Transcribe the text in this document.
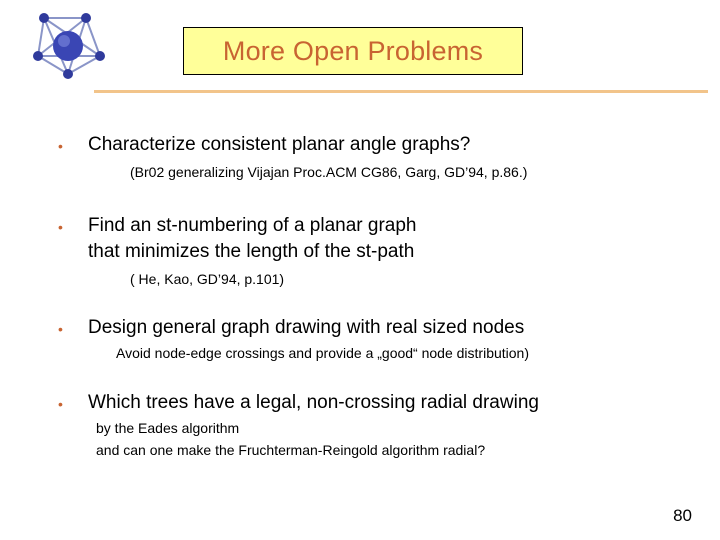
More Open Problems
• Characterize consistent planar angle graphs?
(Br02 generalizing Vijajan Proc.ACM CG86, Garg, GD’94, p.86.)
• Find an st-numbering of a planar graph
that minimizes the length of the st-path
( He, Kao, GD’94, p.101)
• Design general graph drawing with real sized nodes
Avoid node-edge crossings and provide a „good“ node distribution)
• Which trees have a legal, non-crossing radial drawing
by the Eades algorithm
and can one make the Fruchterman-Reingold algorithm radial?
80
